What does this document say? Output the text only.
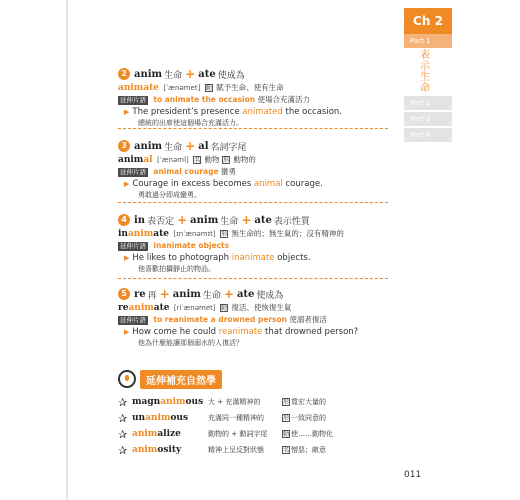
Ch 2
Part 1
表示生命
Part 2
Part 3
Part 4
2 anim 生命 + ate 使成為
animate [ˈænəmet] 動 賦予生命、使有生命
延伸片語 to animate the occasion 使場合充滿活力
▶ The president’s presence animated the occasion.
總統的出席使這個場合充滿活力。
3 anim 生命 + al 名詞字尾
animal [ˈænəml] 名 動物 形 動物的
延伸片語 animal courage 蠻勇
▶ Courage in excess becomes animal courage.
勇敢過分即成蠻勇。
4 in 表否定 + anim 生命 + ate 表示性質
inanimate [ɪnˈænəmɪt] 形 無生命的；無生氣的；沒有精神的
延伸片語 inanimate objects
▶ He likes to photograph inanimate objects.
他喜歡拍攝靜止的物品。
5 re 再 + anim 生命 + ate 使成為
reanimate [riˈænəmet] 動 復活、使恢復生氣
延伸片語 to reanimate a drowned person 使溺者復活
▶ How come he could reanimate that drowned person?
他為什麼能讓那個溺水的人復活？
延伸補充自然學
✰ magnanimous 大 + 充滿精神的	形 寬宏大量的
✰ unanimous	充滿同一種精神的	形 一致同意的
✰ animalize	動物的 + 動詞字尾	動 使……動物化
✰ animosity	精神上呈反對狀態	名 憎惡；敵意
011
